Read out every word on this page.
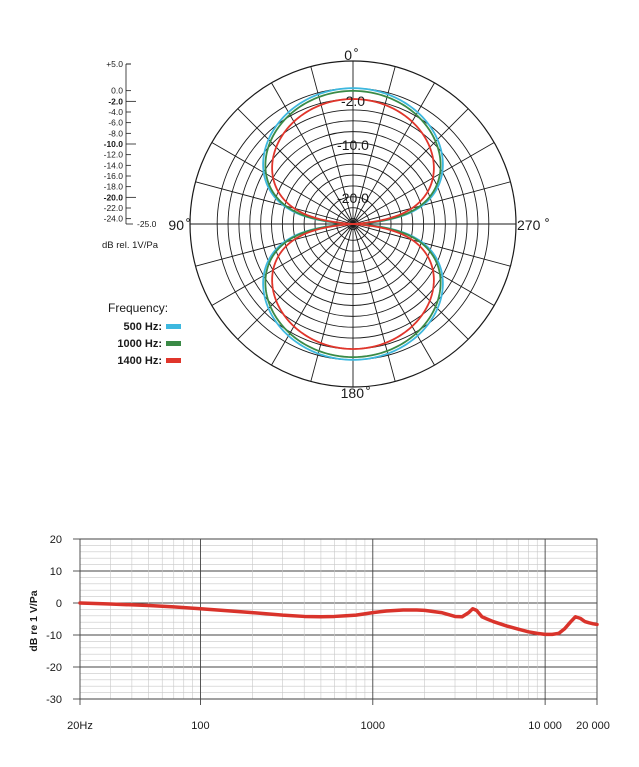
-2.0
-10.0
-20.0
0
90
180
270
+5.0
0.0
-2.0
-4.0
-6.0
-8.0
-10.0
-12.0
-14.0
-16.0
-18.0
-20.0
-22.0
-24.0
-25.0
dB rel. 1V/Pa
Frequency:
500 Hz:
1000 Hz:
1400 Hz:
20
10
0
-10
-20
-30
20Hz	100	1000	10 000 20 000
dB re 1 V/Pa
